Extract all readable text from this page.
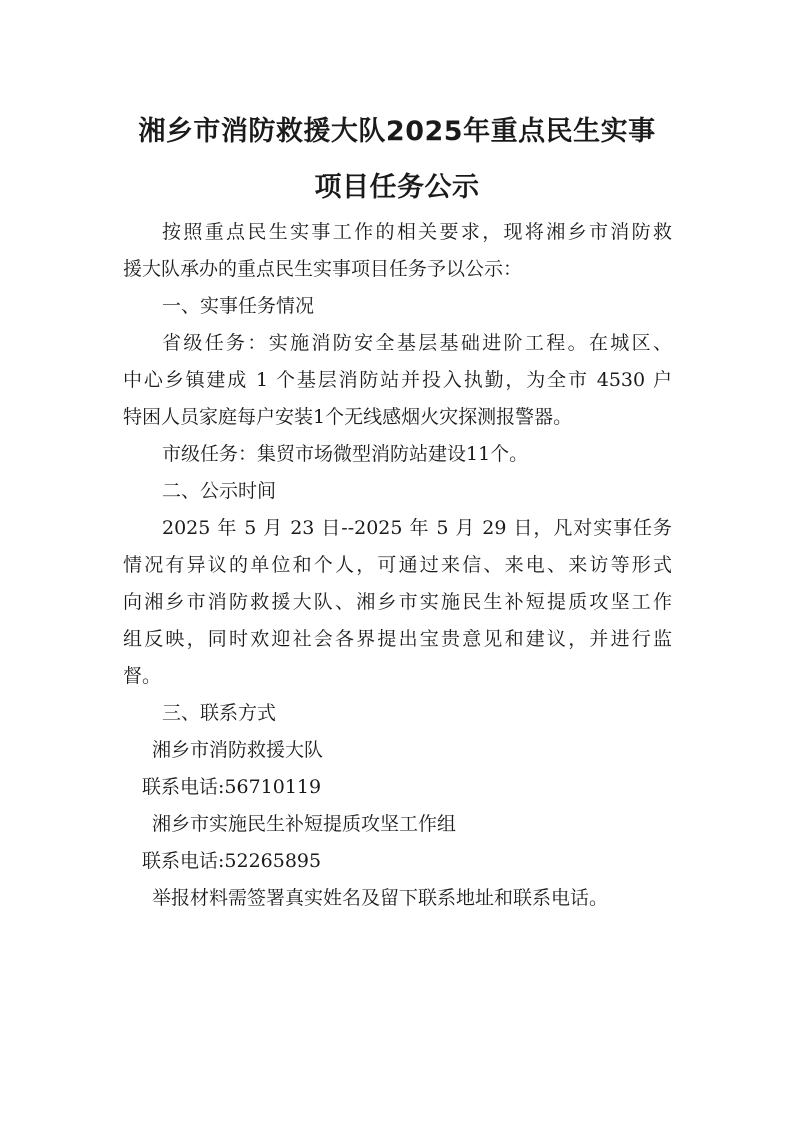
湘乡市消防救援大队2025年重点民生实事
项目任务公示
按照重点民生实事工作的相关要求，现将湘乡市消防救
援大队承办的重点民生实事项目任务予以公示：
一、实事任务情况
省级任务：实施消防安全基层基础进阶工程。在城区、
中心乡镇建成 1 个基层消防站并投入执勤，为全市 4530 户
特困人员家庭每户安装1个无线感烟火灾探测报警器。
市级任务：集贸市场微型消防站建设11个。
二、公示时间
2025 年 5 月 23 日--2025 年 5 月 29 日，凡对实事任务
情况有异议的单位和个人，可通过来信、来电、来访等形式
向湘乡市消防救援大队、湘乡市实施民生补短提质攻坚工作
组反映，同时欢迎社会各界提出宝贵意见和建议，并进行监
督。
三、联系方式
湘乡市消防救援大队
联系电话:56710119
湘乡市实施民生补短提质攻坚工作组
联系电话:52265895
举报材料需签署真实姓名及留下联系地址和联系电话。
